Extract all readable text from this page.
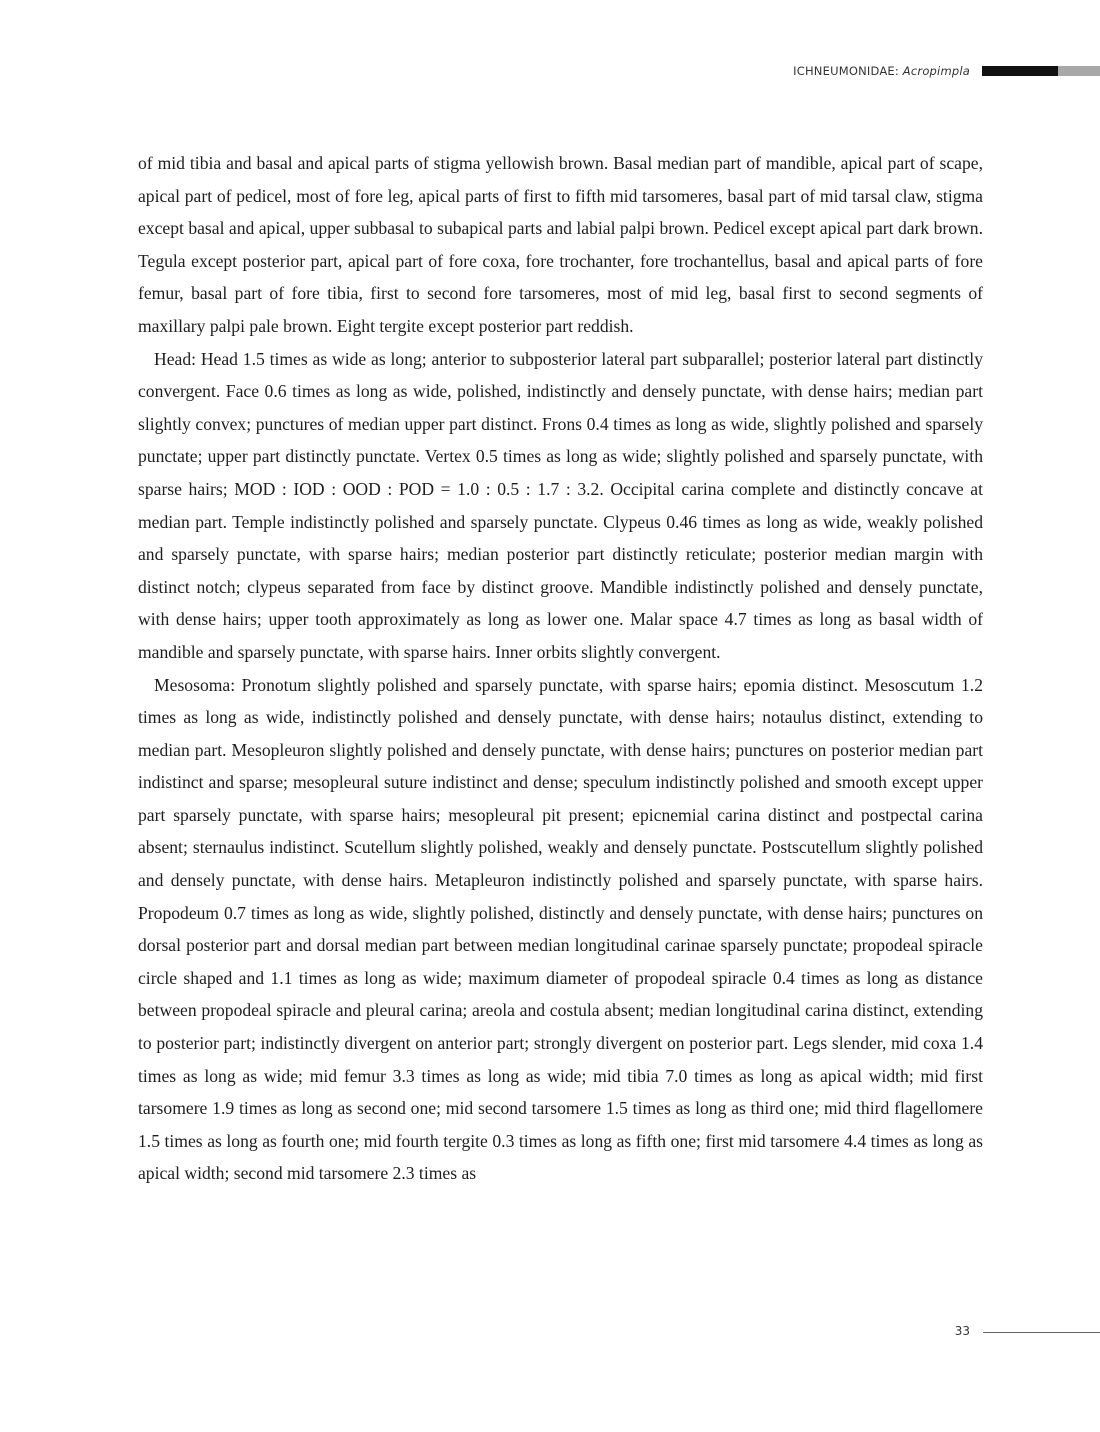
ICHNEUMONIDAE: Acropimpla

of mid tibia and basal and apical parts of stigma yellowish brown. Basal median part of mandible, apical part of scape, apical part of pedicel, most of fore leg, apical parts of first to fifth mid tarsomeres, basal part of mid tarsal claw, stigma except basal and apical, upper subbasal to subapical parts and labial palpi brown. Pedicel except apical part dark brown. Tegula except posterior part, apical part of fore coxa, fore trochanter, fore trochantellus, basal and apical parts of fore femur, basal part of fore tibia, first to second fore tarsomeres, most of mid leg, basal first to second segments of maxillary palpi pale brown. Eight tergite except posterior part reddish.

Head: Head 1.5 times as wide as long; anterior to subposterior lateral part subparallel; posterior lateral part distinctly convergent. Face 0.6 times as long as wide, polished, indistinctly and densely punctate, with dense hairs; median part slightly convex; punctures of median upper part distinct. Frons 0.4 times as long as wide, slightly polished and sparsely punctate; upper part distinctly punctate. Vertex 0.5 times as long as wide; slightly polished and sparsely punctate, with sparse hairs; MOD : IOD : OOD : POD = 1.0 : 0.5 : 1.7 : 3.2. Occipital carina complete and distinctly concave at median part. Temple indistinctly polished and sparsely punctate. Clypeus 0.46 times as long as wide, weakly polished and sparsely punctate, with sparse hairs; median posterior part distinctly reticulate; posterior median margin with distinct notch; clypeus separated from face by distinct groove. Mandible indistinctly polished and densely punctate, with dense hairs; upper tooth approximately as long as lower one. Malar space 4.7 times as long as basal width of mandible and sparsely punctate, with sparse hairs. Inner orbits slightly convergent.

Mesosoma: Pronotum slightly polished and sparsely punctate, with sparse hairs; epomia distinct. Mesoscutum 1.2 times as long as wide, indistinctly polished and densely punctate, with dense hairs; notaulus distinct, extending to median part. Mesopleuron slightly polished and densely punctate, with dense hairs; punctures on posterior median part indistinct and sparse; mesopleural suture indistinct and dense; speculum indistinctly polished and smooth except upper part sparsely punctate, with sparse hairs; mesopleural pit present; epicnemial carina distinct and postpectal carina absent; sternaulus indistinct. Scutellum slightly polished, weakly and densely punctate. Postscutellum slightly polished and densely punctate, with dense hairs. Metapleuron indistinctly polished and sparsely punctate, with sparse hairs. Propodeum 0.7 times as long as wide, slightly polished, distinctly and densely punctate, with dense hairs; punctures on dorsal posterior part and dorsal median part between median longitudinal carinae sparsely punctate; propodeal spiracle circle shaped and 1.1 times as long as wide; maximum diameter of propodeal spiracle 0.4 times as long as distance between propodeal spiracle and pleural carina; areola and costula absent; median longitudinal carina distinct, extending to posterior part; indistinctly divergent on anterior part; strongly divergent on posterior part. Legs slender, mid coxa 1.4 times as long as wide; mid femur 3.3 times as long as wide; mid tibia 7.0 times as long as apical width; mid first tarsomere 1.9 times as long as second one; mid second tarsomere 1.5 times as long as third one; mid third flagellomere 1.5 times as long as fourth one; mid fourth tergite 0.3 times as long as fifth one; first mid tarsomere 4.4 times as long as apical width; second mid tarsomere 2.3 times as

33
